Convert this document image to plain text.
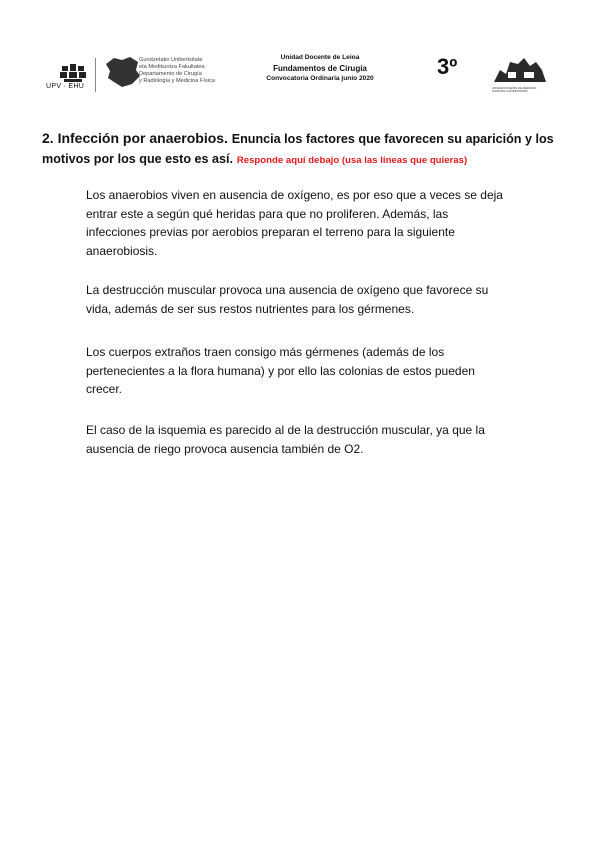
UPV · EHU
Gurutzetako Unibertsitate
eta Medikuntza Fakultatea
Departamento de Cirugía
y Radiología y Medicina Física
Unidad Docente de Leioa
Fundamentos de Cirugía
Convocatoria Ordinaria junio 2020	3º
UNIDAD DOCENTE DE MEDICINA
HOSPITAL UNIVERSITARIO
2. Infección por anaerobios. Enuncia los factores que favorecen su aparición y los motivos por los que esto es así. Responde aquí debajo (usa las líneas que quieras)

Los anaerobios viven en ausencia de oxígeno, es por eso que a veces se deja entrar este a según qué heridas para que no proliferen. Además, las infecciones previas por aerobios preparan el terreno para la siguiente anaerobiosis.

La destrucción muscular provoca una ausencia de oxígeno que favorece su vida, además de ser sus restos nutrientes para los gérmenes.

Los cuerpos extraños traen consigo más gérmenes (además de los pertenecientes a la flora humana) y por ello las colonias de estos pueden crecer.

El caso de la isquemia es parecido al de la destrucción muscular, ya que la ausencia de riego provoca ausencia también de O2.
